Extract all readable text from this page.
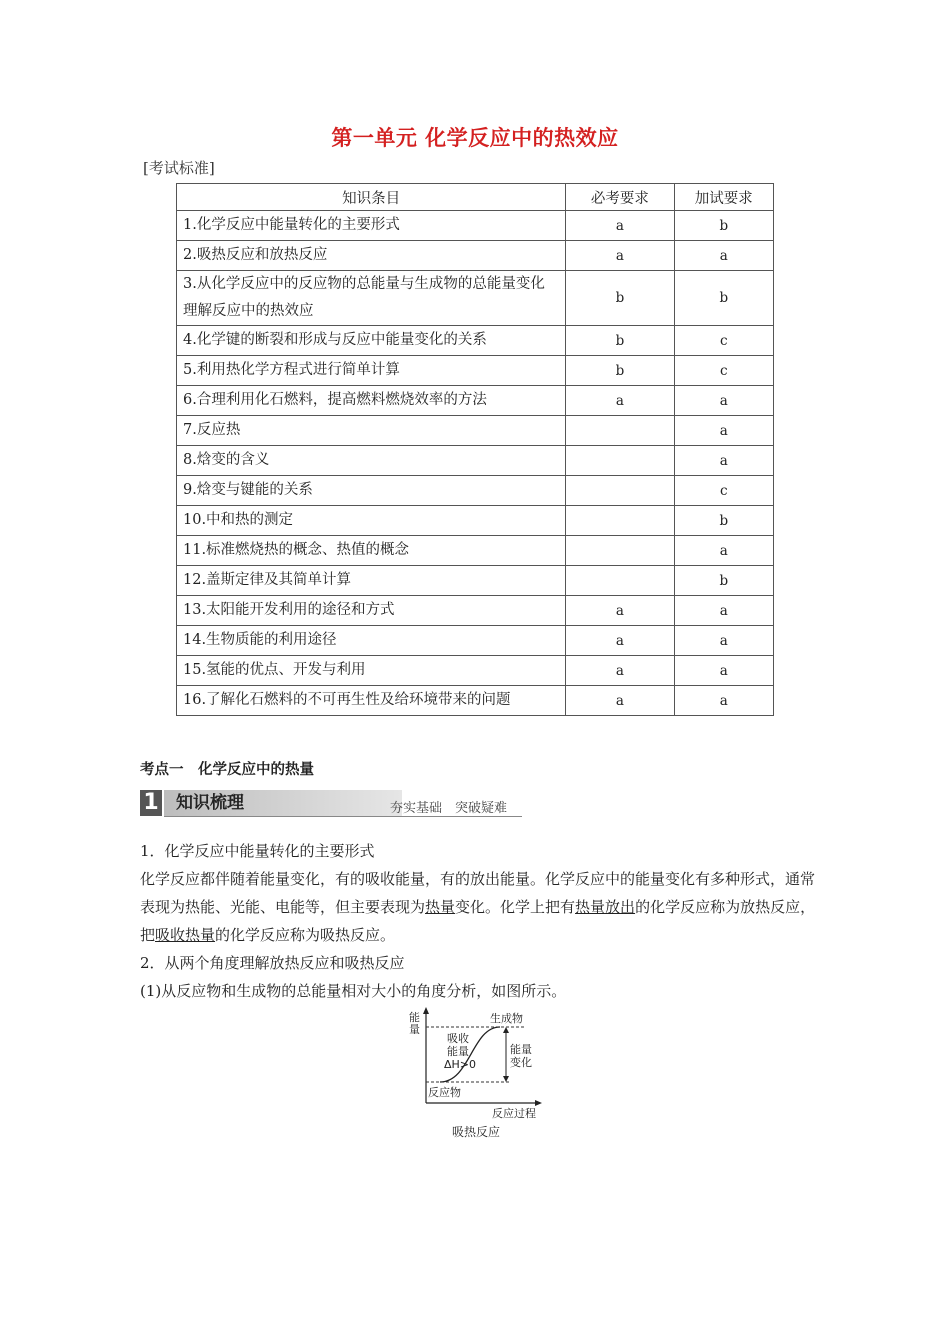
第一单元 化学反应中的热效应
[考试标准]
知识条目	必考要求	加试要求
1.化学反应中能量转化的主要形式	a	b
2.吸热反应和放热反应	a	a
3.从化学反应中的反应物的总能量与生成物的总能量变化理解反应中的热效应	b	b
4.化学键的断裂和形成与反应中能量变化的关系	b	c
5.利用热化学方程式进行简单计算	b	c
6.合理利用化石燃料，提高燃料燃烧效率的方法	a	a
7.反应热		a
8.焓变的含义		a
9.焓变与键能的关系		c
10.中和热的测定		b
11.标准燃烧热的概念、热值的概念		a
12.盖斯定律及其简单计算		b
13.太阳能开发利用的途径和方式	a	a
14.生物质能的利用途径	a	a
15.氢能的优点、开发与利用	a	a
16.了解化石燃料的不可再生性及给环境带来的问题	a	a
考点一　化学反应中的热量
1 知识梳理	夯实基础　突破疑难
1．化学反应中能量转化的主要形式
化学反应都伴随着能量变化，有的吸收能量，有的放出能量。化学反应中的能量变化有多种形式，通常表现为热能、光能、电能等，但主要表现为热量变化。化学上把有热量放出的化学反应称为放热反应，把吸收热量的化学反应称为吸热反应。
2．从两个角度理解放热反应和吸热反应
(1)从反应物和生成物的总能量相对大小的角度分析，如图所示。
能	生成物
反应物
吸收
能量
ΔH>0
能量
变化
反应过程
吸热反应
量
